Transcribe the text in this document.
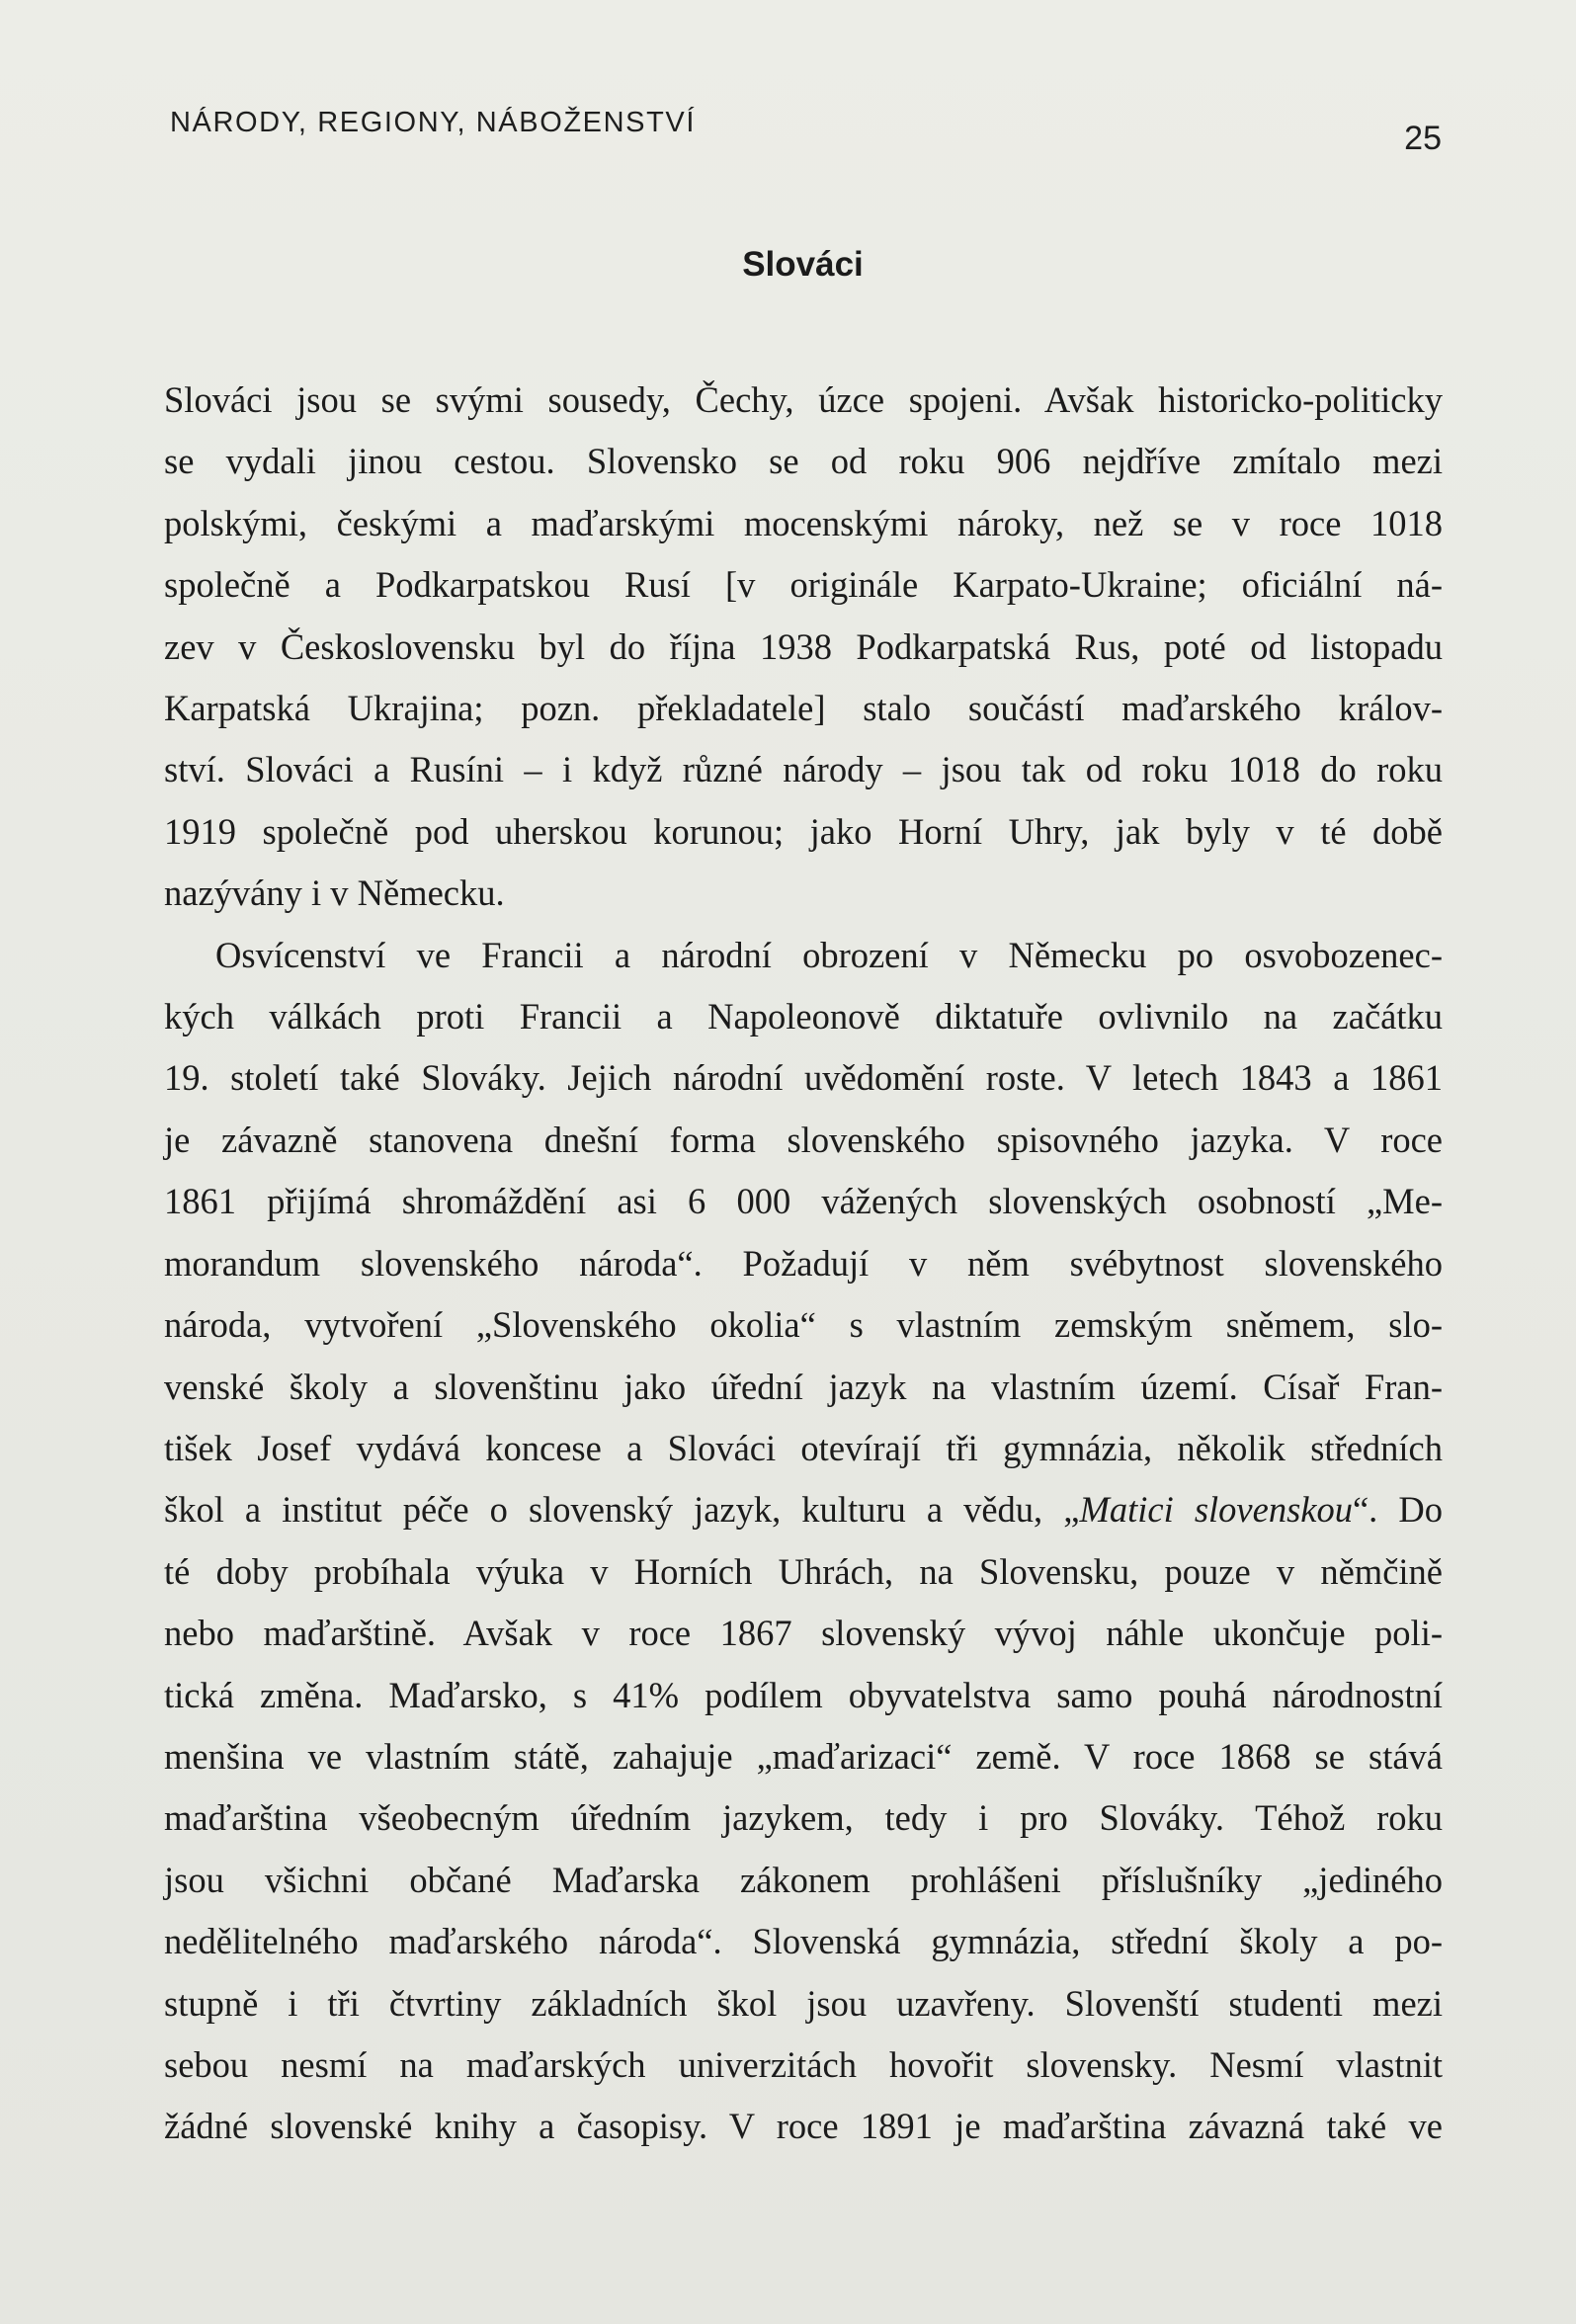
NÁRODY, REGIONY, NÁBOŽENSTVÍ	25
Slováci
Slováci jsou se svými sousedy, Čechy, úzce spojeni. Avšak historicko-politicky
se vydali jinou cestou. Slovensko se od roku 906 nejdříve zmítalo mezi
polskými, českými a maďarskými mocenskými nároky, než se v roce 1018
společně a Podkarpatskou Rusí [v originále Karpato-Ukraine; oficiální ná-
zev v Československu byl do října 1938 Podkarpatská Rus, poté od listopadu
Karpatská Ukrajina; pozn. překladatele] stalo součástí maďarského králov-
ství. Slováci a Rusíni – i když různé národy – jsou tak od roku 1018 do roku
1919 společně pod uherskou korunou; jako Horní Uhry, jak byly v té době
nazývány i v Německu.
Osvícenství ve Francii a národní obrození v Německu po osvobozenec-
kých válkách proti Francii a Napoleonově diktatuře ovlivnilo na začátku
19. století také Slováky. Jejich národní uvědomění roste. V letech 1843 a 1861
je závazně stanovena dnešní forma slovenského spisovného jazyka. V roce
1861 přijímá shromáždění asi 6 000 vážených slovenských osobností „Me-
morandum slovenského národa“. Požadují v něm svébytnost slovenského
národa, vytvoření „Slovenského okolia“ s vlastním zemským sněmem, slo-
venské školy a slovenštinu jako úřední jazyk na vlastním území. Císař Fran-
tišek Josef vydává koncese a Slováci otevírají tři gymnázia, několik středních
škol a institut péče o slovenský jazyk, kulturu a vědu, „Matici slovenskou“. Do
té doby probíhala výuka v Horních Uhrách, na Slovensku, pouze v němčině
nebo maďarštině. Avšak v roce 1867 slovenský vývoj náhle ukončuje poli-
tická změna. Maďarsko, s 41% podílem obyvatelstva samo pouhá národnostní
menšina ve vlastním státě, zahajuje „maďarizaci“ země. V roce 1868 se stává
maďarština všeobecným úředním jazykem, tedy i pro Slováky. Téhož roku
jsou všichni občané Maďarska zákonem prohlášeni příslušníky „jediného
nedělitelného maďarského národa“. Slovenská gymnázia, střední školy a po-
stupně i tři čtvrtiny základních škol jsou uzavřeny. Slovenští studenti mezi
sebou nesmí na maďarských univerzitách hovořit slovensky. Nesmí vlastnit
žádné slovenské knihy a časopisy. V roce 1891 je maďarština závazná také ve
